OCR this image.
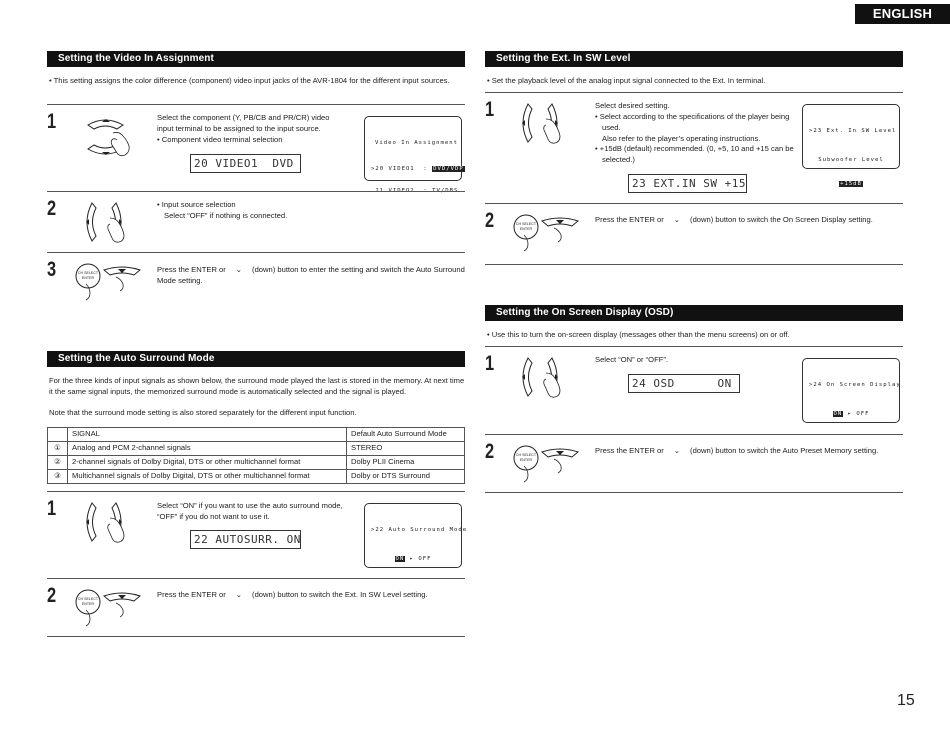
ENGLISH
Setting the Video In Assignment
• This setting assigns the color difference (component) video input jacks of the AVR-1804 for the different input sources.
1	Select the component (Y, PB/CB and PR/CR) video input terminal to be assigned to the input source.
• Component video terminal selection
20 VIDEO1  DVD

Video In Assignment

>20 VIDEO1  : DVD/VDP

2	• Input source selection
Select “OFF” if nothing is connected.
3	CH SELECT
ENTER
Press the ENTER or ⌄ (down) button to enter the setting and switch the Auto Surround Mode setting.
Setting the Auto Surround Mode
For the three kinds of input signals as shown below, the surround mode played the last is stored in the memory. At next time it the same signal inputs, the memorized surround mode is automatically selected and the signal is played.
Note that the surround mode setting is also stored separately for the different input function.
	SIGNAL	Default Auto Surround Mode
①	Analog and PCM 2-channel signals	STEREO
②	2-channel signals of Dolby Digital, DTS or other multichannel format	Dolby PLII Cinema
③	Multichannel signals of Dolby Digital, DTS or other multichannel format	Dolby or DTS Surround
1	Select “ON” if you want to use the auto surround mode, “OFF” if you do not want to use it.
22 AUTOSURR. ON

>22 Auto Surround Mode

ON ▸ OFF

2	CH SELECT
ENTER
Press the ENTER or ⌄ (down) button to switch the Ext. In SW Level setting.
Setting the Ext. In SW Level
• Set the playback level of the analog input signal connected to the Ext. In terminal.
1	Select desired setting.
• Select according to the specifications of the player being used.
Also refer to the player’s operating instructions.
• +15dB (default) recommended. (0, +5, 10 and +15 can be selected.)
23 EXT.IN SW +15

>23 Ext. In SW Level

Subwoofer Level

+15dB

2	CH SELECT
ENTER
Press the ENTER or ⌄ (down) button to switch the On Screen Display setting.
Setting the On Screen Display (OSD)
• Use this to turn the on-screen display (messages other than the menu screens) on or off.
1	Select “ON” or “OFF”.
24 OSD      ON

	>24 On Screen Display

ON ▸ OFF

2	CH SELECT
ENTER
Press the ENTER or ⌄ (down) button to switch the Auto Preset Memory setting.
15
